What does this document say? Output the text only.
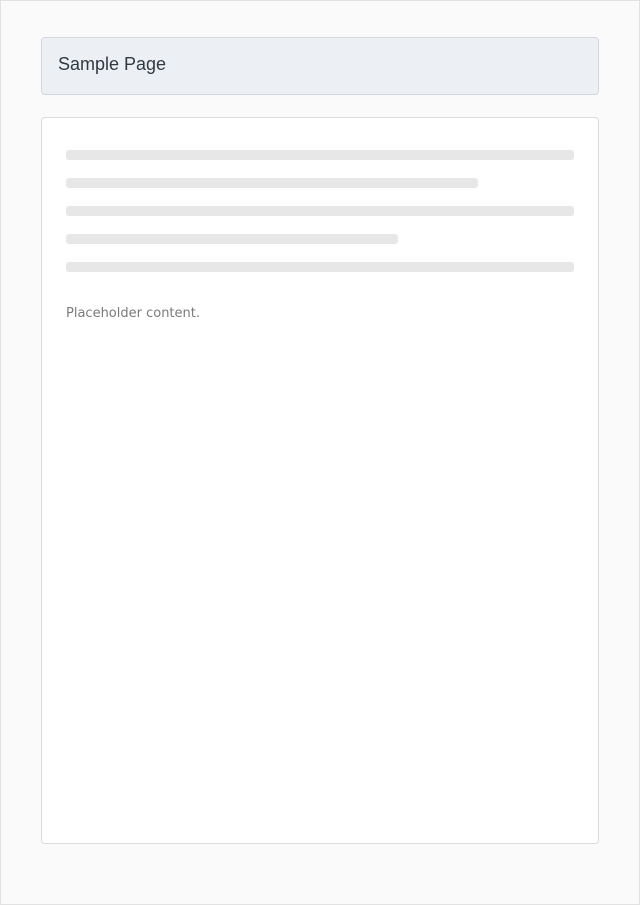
Sample Page
Placeholder content.
